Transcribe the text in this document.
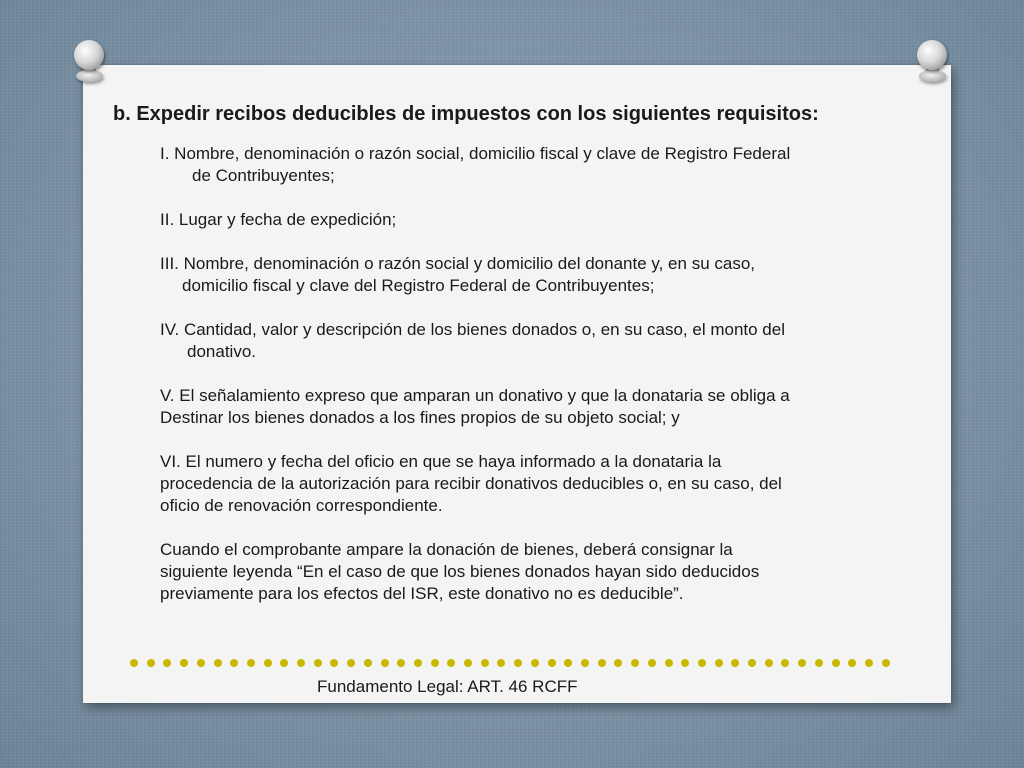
b. Expedir recibos deducibles de impuestos con los siguientes requisitos:
I. Nombre, denominación o razón social, domicilio fiscal y clave de Registro Federal
de Contribuyentes;
II. Lugar y fecha de expedición;
III. Nombre, denominación o razón social y domicilio del donante y, en su caso,
domicilio fiscal y clave del Registro Federal de Contribuyentes;
IV. Cantidad, valor y descripción de los bienes donados o, en su caso, el monto del
donativo.
V. El señalamiento expreso que amparan un donativo y que la donataria se obliga a
Destinar los bienes donados a los fines propios de su objeto social; y
VI. El numero y fecha del oficio en que se haya informado a la donataria la
procedencia de la autorización para recibir donativos deducibles o, en su caso, del
oficio de renovación correspondiente.
Cuando el comprobante ampare la donación de bienes, deberá consignar la
siguiente leyenda “En el caso de que los bienes donados hayan sido deducidos
previamente para los efectos del ISR, este donativo no es deducible”.

Fundamento Legal: ART. 46 RCFF
